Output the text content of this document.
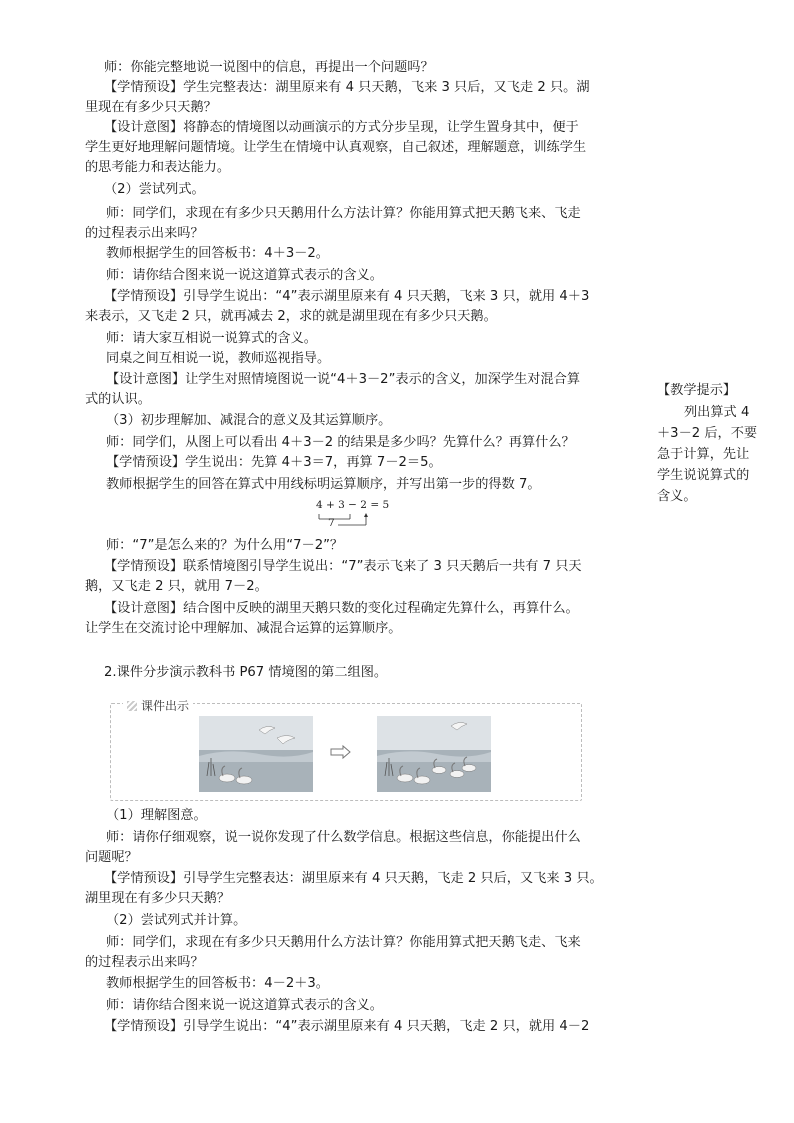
师：你能完整地说一说图中的信息，再提出一个问题吗？
【学情预设】学生完整表达：湖里原来有 4 只天鹅，飞来 3 只后，又飞走 2 只。湖
里现在有多少只天鹅？
【设计意图】将静态的情境图以动画演示的方式分步呈现，让学生置身其中，便于
学生更好地理解问题情境。让学生在情境中认真观察，自己叙述，理解题意，训练学生
的思考能力和表达能力。
（2）尝试列式。
师：同学们，求现在有多少只天鹅用什么方法计算？你能用算式把天鹅飞来、飞走
的过程表示出来吗？
教师根据学生的回答板书：4＋3－2。
师：请你结合图来说一说这道算式表示的含义。
【学情预设】引导学生说出：“4”表示湖里原来有 4 只天鹅，飞来 3 只，就用 4＋3
来表示，又飞走 2 只，就再减去 2，求的就是湖里现在有多少只天鹅。
师：请大家互相说一说算式的含义。
同桌之间互相说一说，教师巡视指导。
【设计意图】让学生对照情境图说一说“4＋3－2”表示的含义，加深学生对混合算
式的认识。
（3）初步理解加、减混合的意义及其运算顺序。
师：同学们，从图上可以看出 4＋3－2 的结果是多少吗？先算什么？再算什么？
【学情预设】学生说出：先算 4＋3＝7，再算 7－2＝5。
教师根据学生的回答在算式中用线标明运算顺序，并写出第一步的得数 7。
师：“7”是怎么来的？为什么用“7－2”？
【学情预设】联系情境图引导学生说出：“7”表示飞来了 3 只天鹅后一共有 7 只天
鹅，又飞走 2 只，就用 7－2。
【设计意图】结合图中反映的湖里天鹅只数的变化过程确定先算什么，再算什么。
让学生在交流讨论中理解加、减混合运算的运算顺序。
2.课件分步演示教科书 P67 情境图的第二组图。
（1）理解图意。
师：请你仔细观察，说一说你发现了什么数学信息。根据这些信息，你能提出什么
问题呢？
【学情预设】引导学生完整表达：湖里原来有 4 只天鹅，飞走 2 只后，又飞来 3 只。
湖里现在有多少只天鹅？
（2）尝试列式并计算。
师：同学们，求现在有多少只天鹅用什么方法计算？你能用算式把天鹅飞走、飞来
的过程表示出来吗？
教师根据学生的回答板书：4－2＋3。
师：请你结合图来说一说这道算式表示的含义。
【学情预设】引导学生说出：“4”表示湖里原来有 4 只天鹅，飞走 2 只，就用 4－2
4 + 3 − 2 = 5
7
课件出示
【教学提示】
列出算式 4
＋3－2 后，不要
急于计算，先让
学生说说算式的
含义。
